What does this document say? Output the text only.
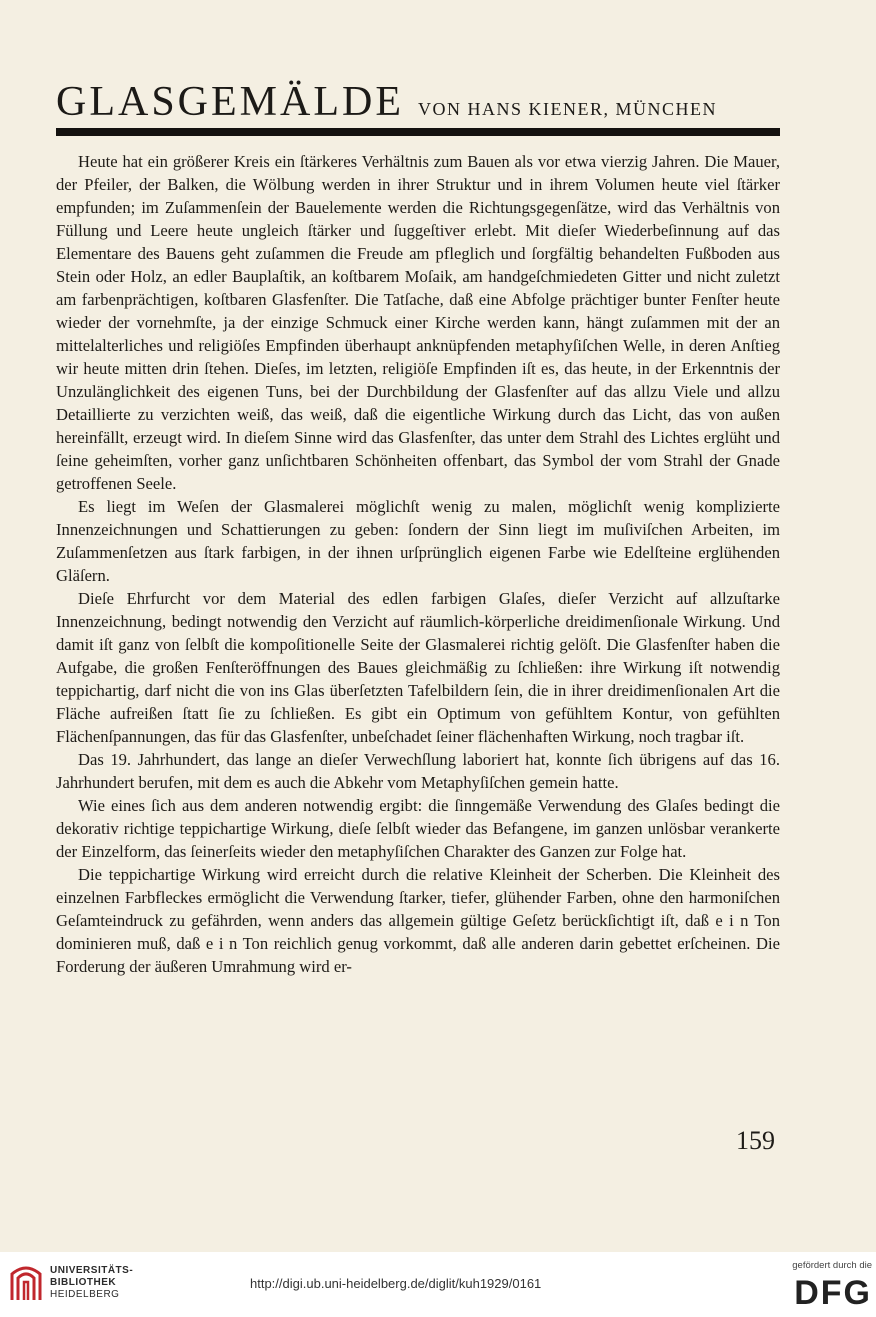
GLASGEMÄLDE VON HANS KIENER, MÜNCHEN

Heute hat ein größerer Kreis ein ſtärkeres Verhältnis zum Bauen als vor etwa vierzig Jahren. Die Mauer, der Pfeiler, der Balken, die Wölbung werden in ihrer Struktur und in ihrem Volumen heute viel ſtärker empfunden; im Zuſammenſein der Bauelemente werden die Richtungsgegenſätze, wird das Verhältnis von Füllung und Leere heute ungleich ſtärker und ſuggeſtiver erlebt. Mit dieſer Wiederbeſinnung auf das Elementare des Bauens geht zuſammen die Freude am pfleglich und ſorgfältig behandelten Fußboden aus Stein oder Holz, an edler Bauplaſtik, an koſtbarem Moſaik, am handgeſchmiedeten Gitter und nicht zuletzt am farbenprächtigen, koſtbaren Glasfenſter. Die Tatſache, daß eine Abfolge prächtiger bunter Fenſter heute wieder der vornehmſte, ja der einzige Schmuck einer Kirche werden kann, hängt zuſammen mit der an mittelalterliches und religiöſes Empfinden überhaupt anknüpfenden metaphyſiſchen Welle, in deren Anſtieg wir heute mitten drin ſtehen. Dieſes, im letzten, religiöſe Empfinden iſt es, das heute, in der Erkenntnis der Unzulänglichkeit des eigenen Tuns, bei der Durchbildung der Glasfenſter auf das allzu Viele und allzu Detaillierte zu verzichten weiß, das weiß, daß die eigentliche Wirkung durch das Licht, das von außen hereinfällt, erzeugt wird. In dieſem Sinne wird das Glasfenſter, das unter dem Strahl des Lichtes erglüht und ſeine geheimſten, vorher ganz unſichtbaren Schönheiten offenbart, das Symbol der vom Strahl der Gnade getroffenen Seele.

Es liegt im Weſen der Glasmalerei möglichſt wenig zu malen, möglichſt wenig komplizierte Innenzeichnungen und Schattierungen zu geben: ſondern der Sinn liegt im muſiviſchen Arbeiten, im Zuſammenſetzen aus ſtark farbigen, in der ihnen urſprünglich eigenen Farbe wie Edelſteine erglühenden Gläſern.

Dieſe Ehrfurcht vor dem Material des edlen farbigen Glaſes, dieſer Verzicht auf allzuſtarke Innenzeichnung, bedingt notwendig den Verzicht auf räumlich-körperliche dreidimenſionale Wirkung. Und damit iſt ganz von ſelbſt die kompoſitionelle Seite der Glasmalerei richtig gelöſt. Die Glasfenſter haben die Aufgabe, die großen Fenſteröffnungen des Baues gleichmäßig zu ſchließen: ihre Wirkung iſt notwendig teppichartig, darf nicht die von ins Glas überſetzten Tafelbildern ſein, die in ihrer dreidimenſionalen Art die Fläche aufreißen ſtatt ſie zu ſchließen. Es gibt ein Optimum von gefühltem Kontur, von gefühlten Flächenſpannungen, das für das Glasfenſter, unbeſchadet ſeiner flächenhaften Wirkung, noch tragbar iſt.

Das 19. Jahrhundert, das lange an dieſer Verwechſlung laboriert hat, konnte ſich übrigens auf das 16. Jahrhundert berufen, mit dem es auch die Abkehr vom Metaphyſiſchen gemein hatte.

Wie eines ſich aus dem anderen notwendig ergibt: die ſinngemäße Verwendung des Glaſes bedingt die dekorativ richtige teppichartige Wirkung, dieſe ſelbſt wieder das Befangene, im ganzen unlösbar verankerte der Einzelform, das ſeinerſeits wieder den metaphyſiſchen Charakter des Ganzen zur Folge hat.

Die teppichartige Wirkung wird erreicht durch die relative Kleinheit der Scherben. Die Kleinheit des einzelnen Farbfleckes ermöglicht die Verwendung ſtarker, tiefer, glühender Farben, ohne den harmoniſchen Geſamteindruck zu gefährden, wenn anders das allgemein gültige Geſetz berückſichtigt iſt, daß e i n Ton dominieren muß, daß e i n Ton reichlich genug vorkommt, daß alle anderen darin gebettet erſcheinen. Die Forderung der äußeren Umrahmung wird er-

159
UNIVERSITÄTS-
BIBLIOTHEK
HEIDELBERG
http://digi.ub.uni-heidelberg.de/diglit/kuh1929/0161
gefördert durch die
DFG
